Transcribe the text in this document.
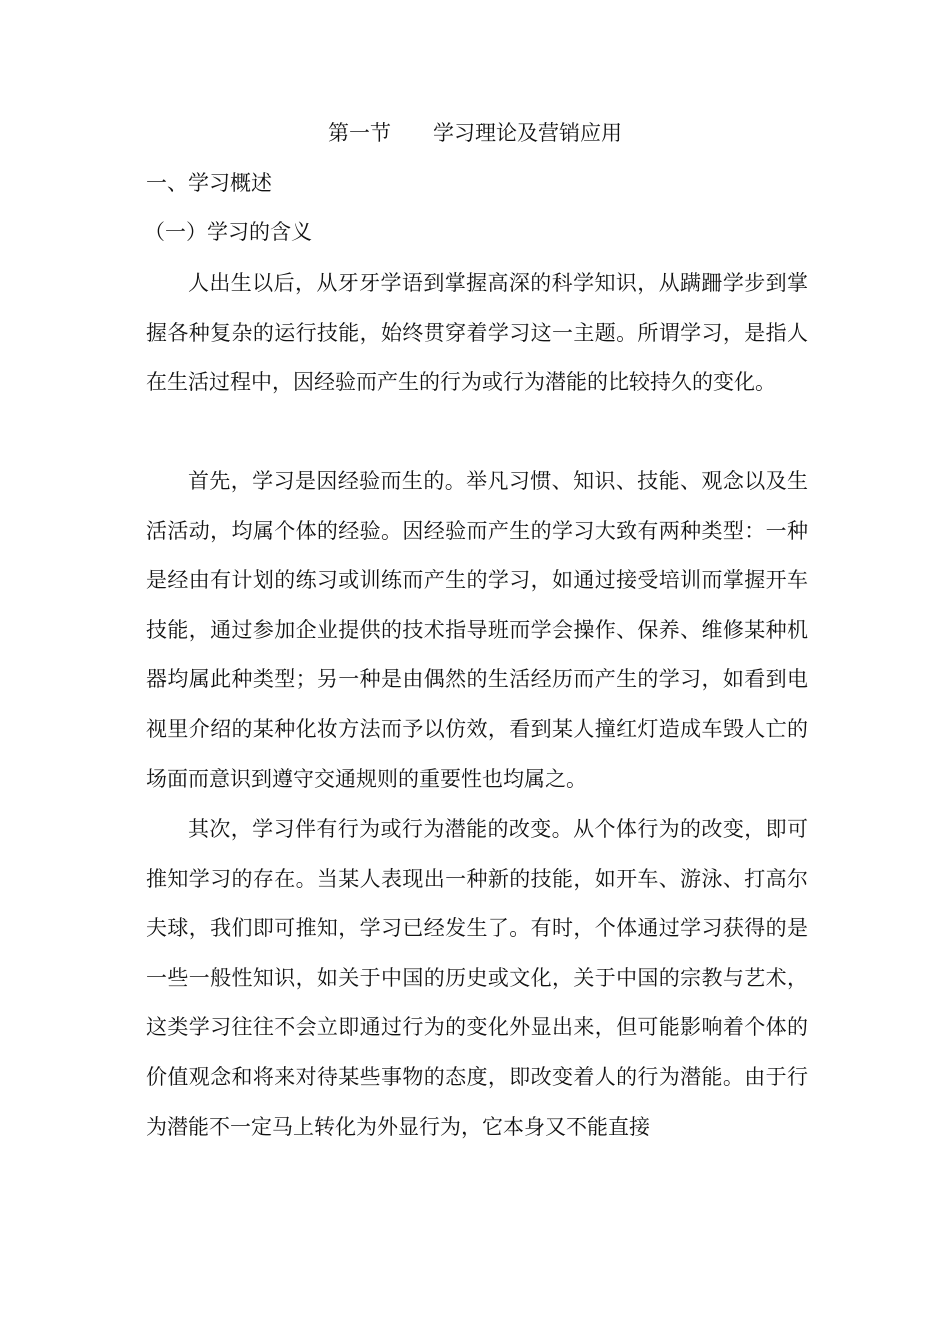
第一节　　学习理论及营销应用
一、学习概述
（一）学习的含义

人出生以后，从牙牙学语到掌握高深的科学知识，从蹒跚学步到掌握各种复杂的运行技能，始终贯穿着学习这一主题。所谓学习，是指人在生活过程中，因经验而产生的行为或行为潜能的比较持久的变化。

首先，学习是因经验而生的。举凡习惯、知识、技能、观念以及生活活动，均属个体的经验。因经验而产生的学习大致有两种类型：一种是经由有计划的练习或训练而产生的学习，如通过接受培训而掌握开车技能，通过参加企业提供的技术指导班而学会操作、保养、维修某种机器均属此种类型；另一种是由偶然的生活经历而产生的学习，如看到电视里介绍的某种化妆方法而予以仿效，看到某人撞红灯造成车毁人亡的场面而意识到遵守交通规则的重要性也均属之。

其次，学习伴有行为或行为潜能的改变。从个体行为的改变，即可推知学习的存在。当某人表现出一种新的技能，如开车、游泳、打高尔夫球，我们即可推知，学习已经发生了。有时，个体通过学习获得的是一些一般性知识，如关于中国的历史或文化，关于中国的宗教与艺术，这类学习往往不会立即通过行为的变化外显出来，但可能影响着个体的价值观念和将来对待某些事物的态度，即改变着人的行为潜能。由于行为潜能不一定马上转化为外显行为，它本身又不能直接
